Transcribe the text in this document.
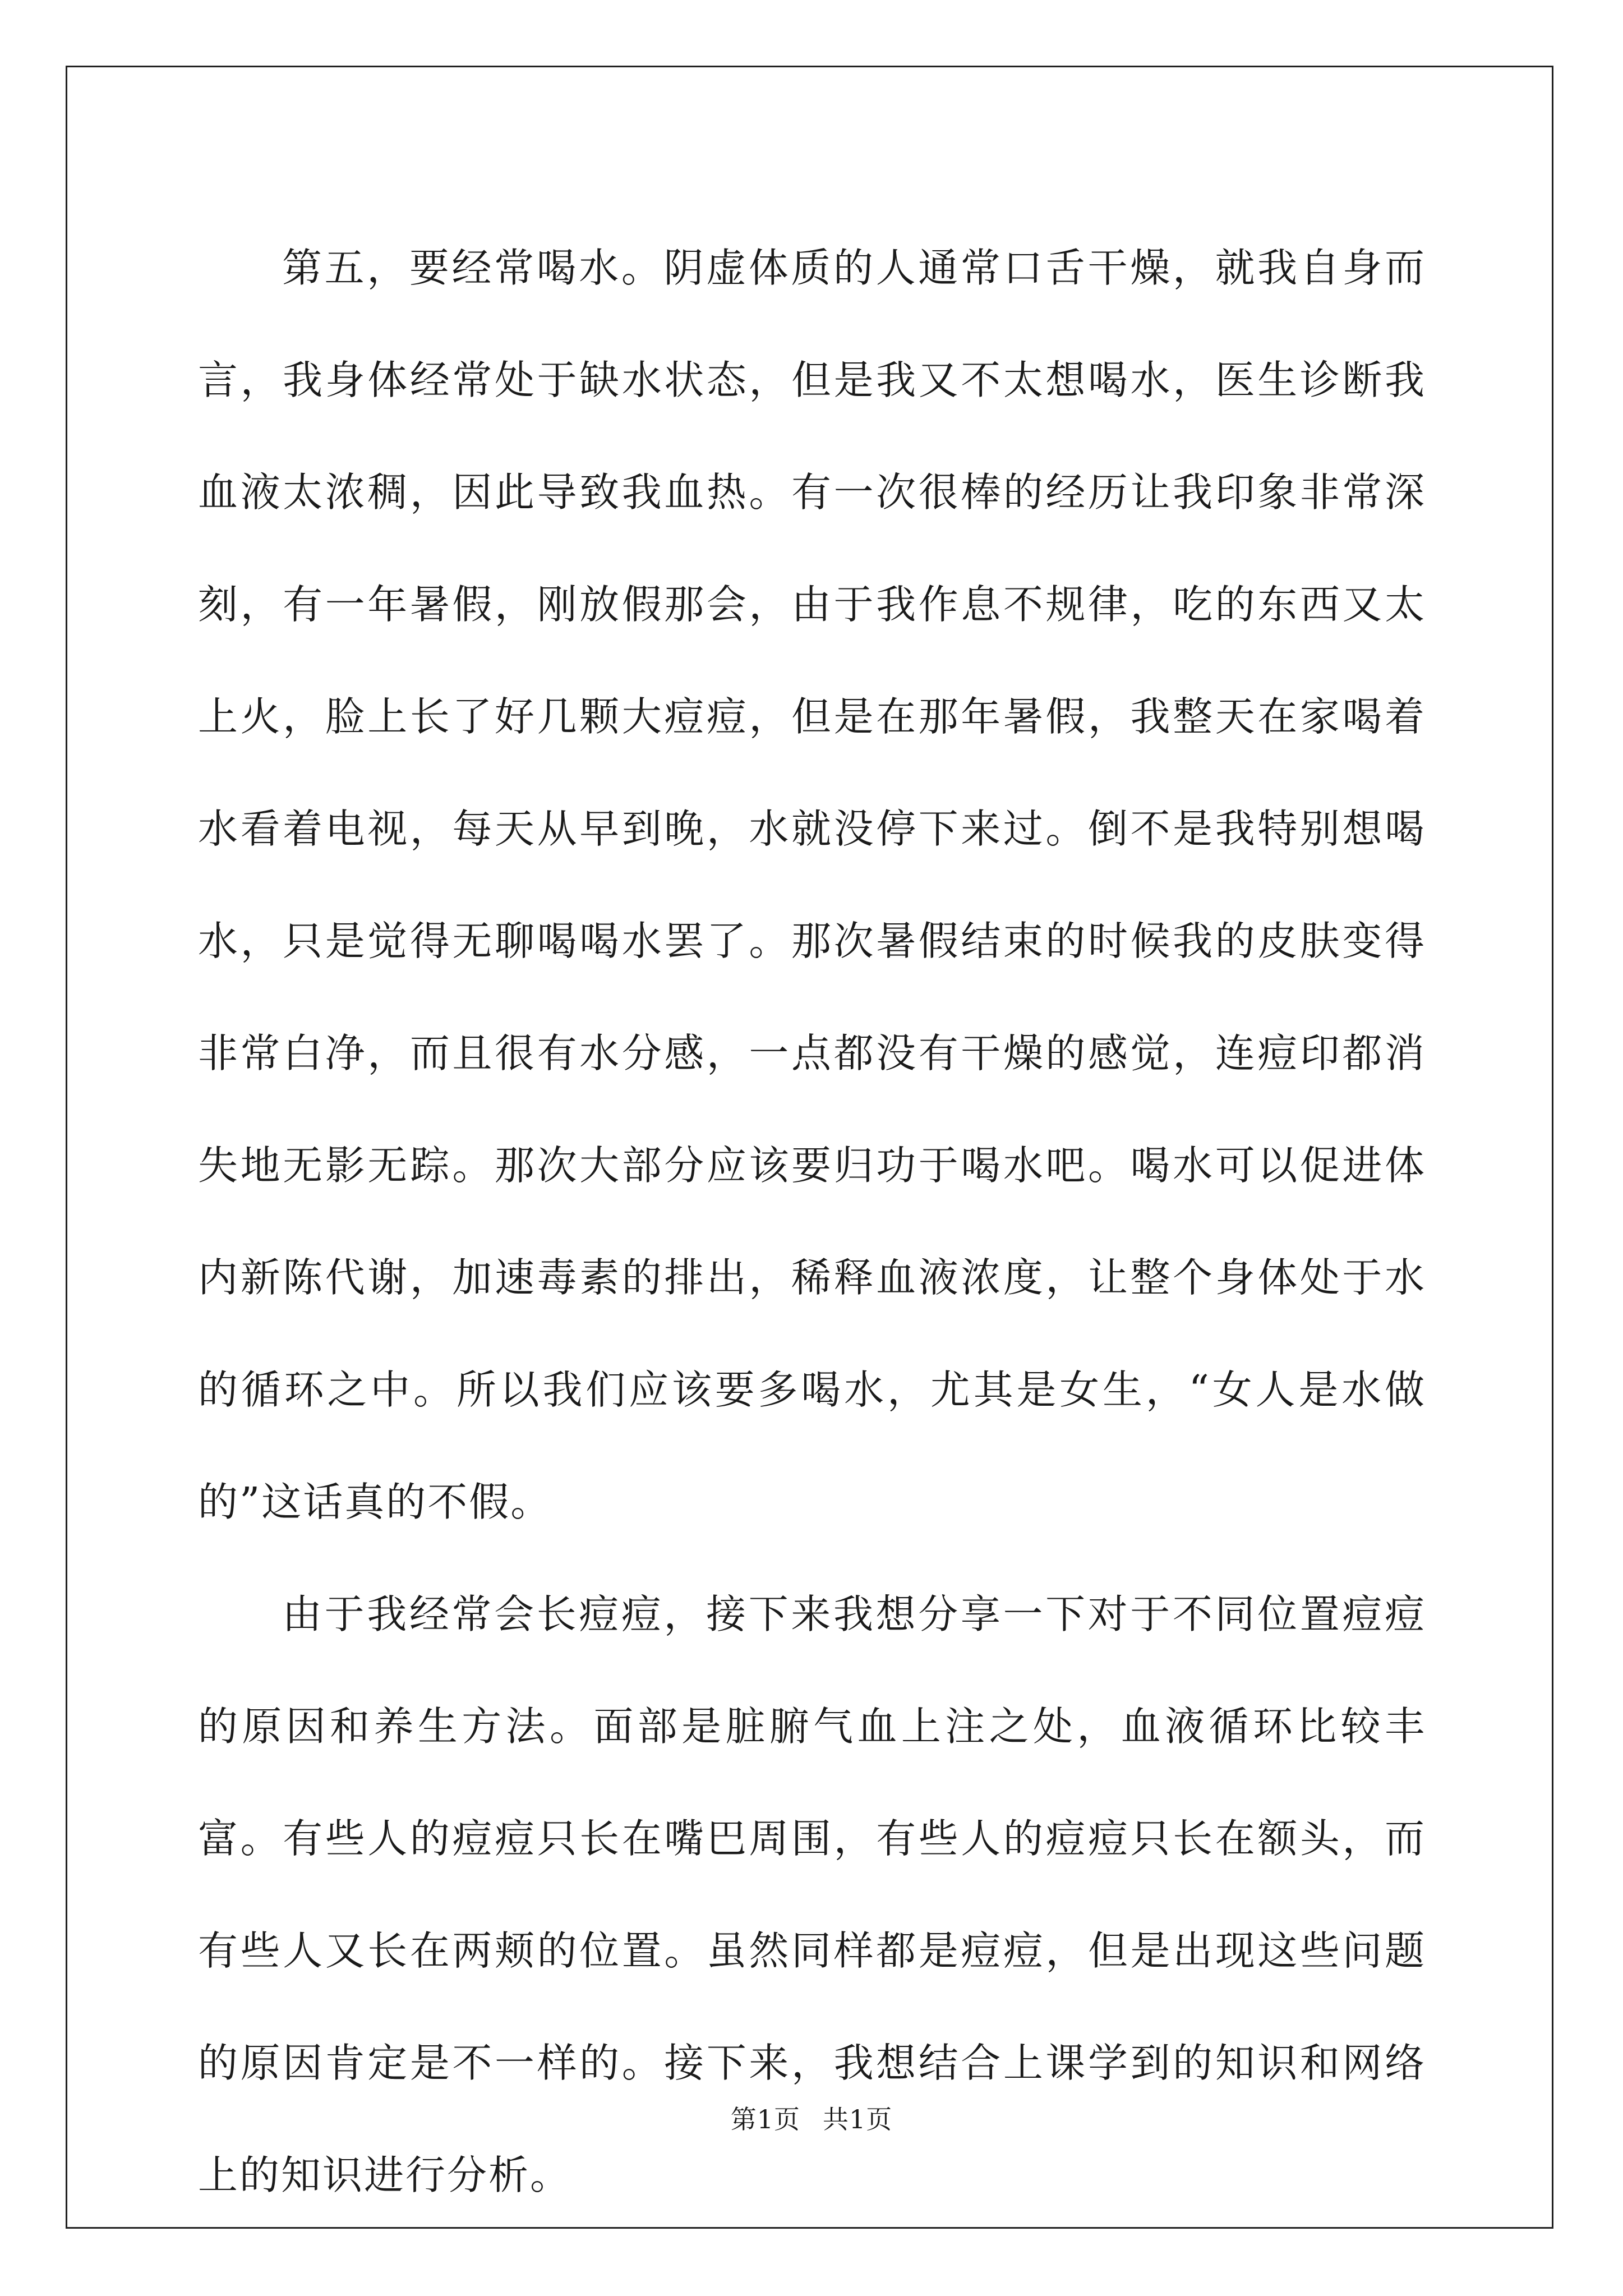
第五，要经常喝水。阴虚体质的人通常口舌干燥，就我自身而言，我身体经常处于缺水状态，但是我又不太想喝水，医生诊断我血液太浓稠，因此导致我血热。有一次很棒的经历让我印象非常深刻，有一年暑假，刚放假那会，由于我作息不规律，吃的东西又太上火，脸上长了好几颗大痘痘，但是在那年暑假，我整天在家喝着水看着电视，每天从早到晚，水就没停下来过。倒不是我特别想喝水，只是觉得无聊喝喝水罢了。那次暑假结束的时候我的皮肤变得非常白净，而且很有水分感，一点都没有干燥的感觉，连痘印都消失地无影无踪。那次大部分应该要归功于喝水吧。喝水可以促进体内新陈代谢，加速毒素的排出，稀释血液浓度，让整个身体处于水的循环之中。所以我们应该要多喝水，尤其是女生，“女人是水做的”这话真的不假。

由于我经常会长痘痘，接下来我想分享一下对于不同位置痘痘的原因和养生方法。面部是脏腑气血上注之处，血液循环比较丰富。有些人的痘痘只长在嘴巴周围，有些人的痘痘只长在额头，而有些人又长在两颊的位置。虽然同样都是痘痘，但是出现这些问题的原因肯定是不一样的。接下来，我想结合上课学到的知识和网络上的知识进行分析。

第1页 共1页
